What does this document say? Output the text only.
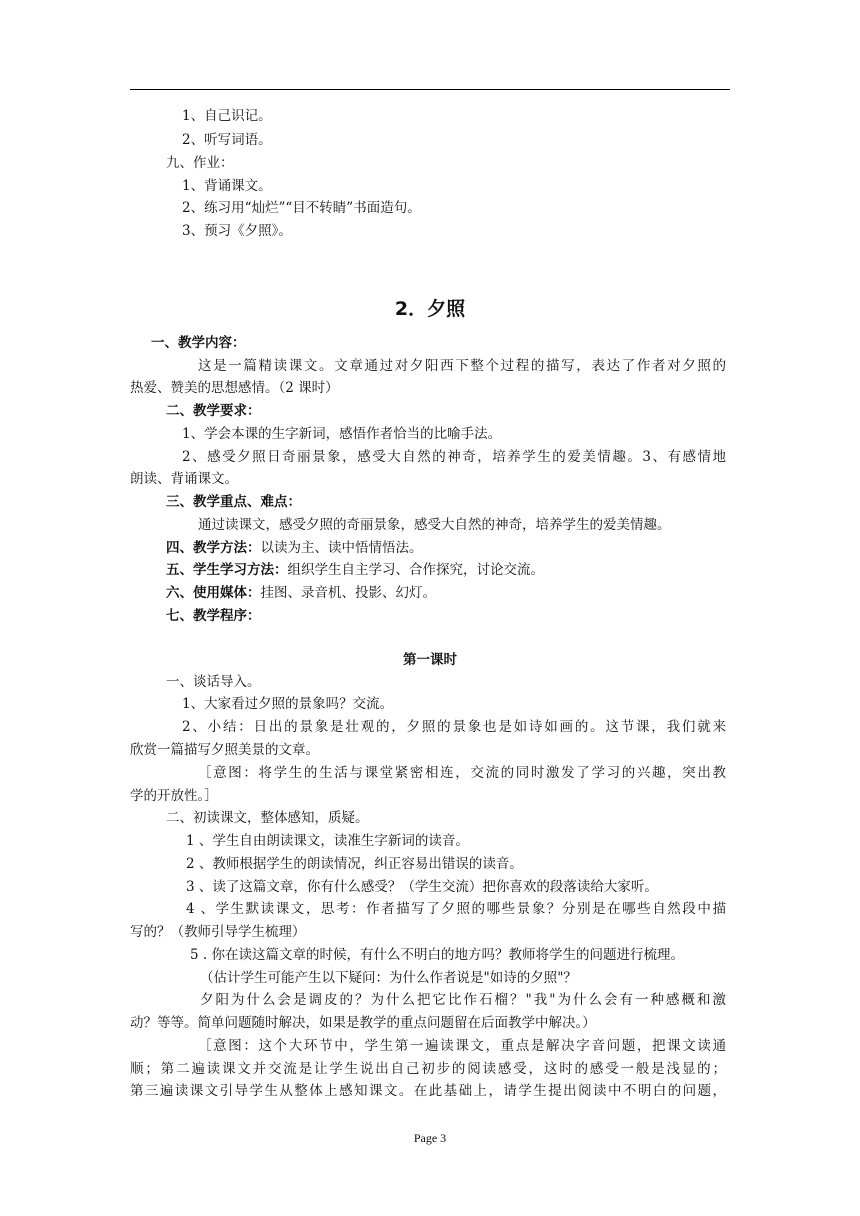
1、自己识记。
2、听写词语。
九、作业：
1、背诵课文。
2、练习用“灿烂”“目不转睛”书面造句。
3、预习《夕照》。
2．夕照
一、教学内容：
这是一篇精读课文。文章通过对夕阳西下整个过程的描写，表达了作者对夕照的
热爱、赞美的思想感情。（2 课时）
二、教学要求：
1、学会本课的生字新词，感悟作者恰当的比喻手法。
2、感受夕照日奇丽景象，感受大自然的神奇，培养学生的爱美情趣。3、有感情地
朗读、背诵课文。
三、教学重点、难点：
通过读课文，感受夕照的奇丽景象，感受大自然的神奇，培养学生的爱美情趣。
四、教学方法：以读为主、读中悟情悟法。
五、学生学习方法：组织学生自主学习、合作探究，讨论交流。
六、使用媒体：挂图、录音机、投影、幻灯。
七、教学程序：
第一课时
一、谈话导入。
1、大家看过夕照的景象吗？交流。
2、小结：日出的景象是壮观的，夕照的景象也是如诗如画的。这节课，我们就来
欣赏一篇描写夕照美景的文章。
［意图：将学生的生活与课堂紧密相连，交流的同时激发了学习的兴趣，突出教
学的开放性。］
二、初读课文，整体感知，质疑。
1 、学生自由朗读课文，读准生字新词的读音。
2 、教师根据学生的朗读情况，纠正容易出错误的读音。
3 、读了这篇文章，你有什么感受？（学生交流）把你喜欢的段落读给大家听。
4 、学生默读课文，思考：作者描写了夕照的哪些景象？分别是在哪些自然段中描
写的？（教师引导学生梳理）
5 . 你在读这篇文章的时候，有什么不明白的地方吗？教师将学生的问题进行梳理。
（估计学生可能产生以下疑问：为什么作者说是"如诗的夕照"？
夕阳为什么会是调皮的？为什么把它比作石榴？"我"为什么会有一种感概和激
动？等等。简单问题随时解决，如果是教学的重点问题留在后面教学中解决。）
［意图：这个大环节中，学生第一遍读课文，重点是解决字音问题，把课文读通
顺；第二遍读课文并交流是让学生说出自己初步的阅读感受，这时的感受一般是浅显的；
第三遍读课文引导学生从整体上感知课文。在此基础上，请学生提出阅读中不明白的问题，
Page 3
